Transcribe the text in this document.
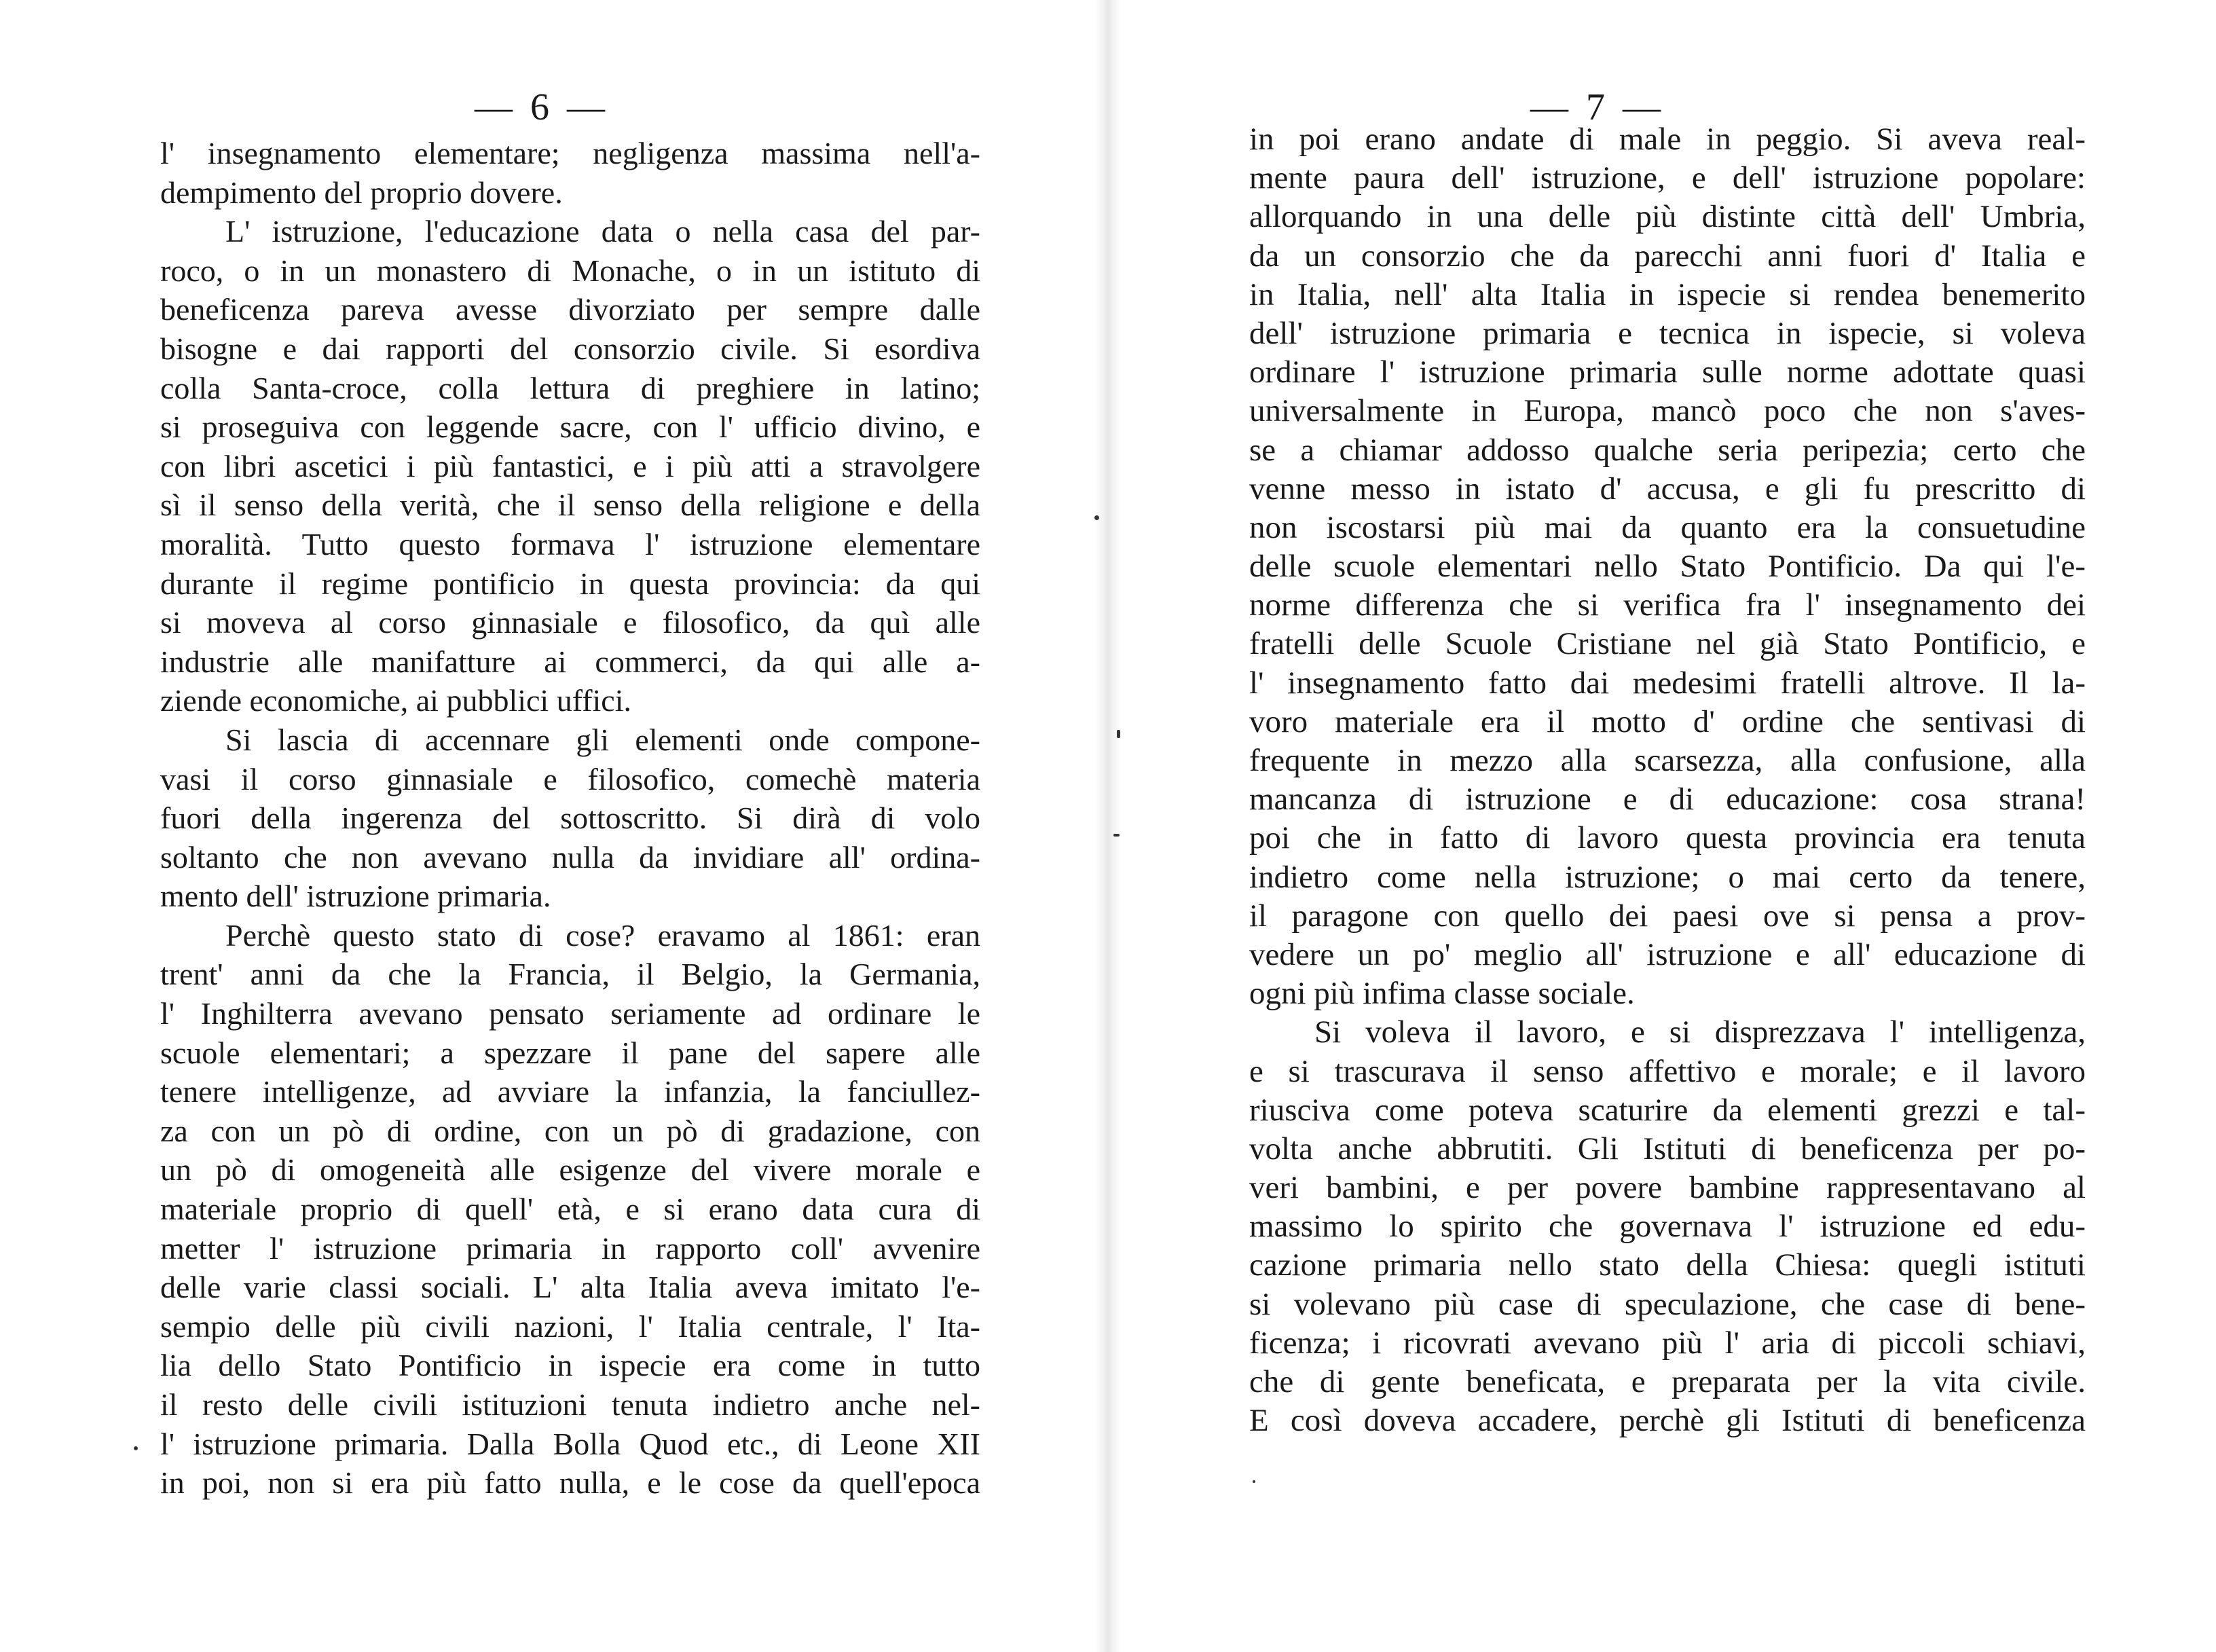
— 6 —
l' insegnamento elementare; negligenza massima nell'a-
dempimento del proprio dovere.
L' istruzione, l'educazione data o nella casa del par-
roco, o in un monastero di Monache, o in un istituto di
beneficenza pareva avesse divorziato per sempre dalle
bisogne e dai rapporti del consorzio civile. Si esordiva
colla Santa-croce, colla lettura di preghiere in latino;
si proseguiva con leggende sacre, con l' ufficio divino, e
con libri ascetici i più fantastici, e i più atti a stravolgere
sì il senso della verità, che il senso della religione e della
moralità. Tutto questo formava l' istruzione elementare
durante il regime pontificio in questa provincia: da qui
si moveva al corso ginnasiale e filosofico, da quì alle
industrie alle manifatture ai commerci, da qui alle a-
ziende economiche, ai pubblici uffici.
Si lascia di accennare gli elementi onde compone-
vasi il corso ginnasiale e filosofico, comechè materia
fuori della ingerenza del sottoscritto. Si dirà di volo
soltanto che non avevano nulla da invidiare all' ordina-
mento dell' istruzione primaria.
Perchè questo stato di cose? eravamo al 1861: eran
trent' anni da che la Francia, il Belgio, la Germania,
l' Inghilterra avevano pensato seriamente ad ordinare le
scuole elementari; a spezzare il pane del sapere alle
tenere intelligenze, ad avviare la infanzia, la fanciullez-
za con un pò di ordine, con un pò di gradazione, con
un pò di omogeneità alle esigenze del vivere morale e
materiale proprio di quell' età, e si erano data cura di
metter l' istruzione primaria in rapporto coll' avvenire
delle varie classi sociali. L' alta Italia aveva imitato l'e-
sempio delle più civili nazioni, l' Italia centrale, l' Ita-
lia dello Stato Pontificio in ispecie era come in tutto
il resto delle civili istituzioni tenuta indietro anche nel-
l' istruzione primaria. Dalla Bolla Quod etc., di Leone XII
in poi, non si era più fatto nulla, e le cose da quell'epoca
— 7 —
in poi erano andate di male in peggio. Si aveva real-
mente paura dell' istruzione, e dell' istruzione popolare:
allorquando in una delle più distinte città dell' Umbria,
da un consorzio che da parecchi anni fuori d' Italia e
in Italia, nell' alta Italia in ispecie si rendea benemerito
dell' istruzione primaria e tecnica in ispecie, si voleva
ordinare l' istruzione primaria sulle norme adottate quasi
universalmente in Europa, mancò poco che non s'aves-
se a chiamar addosso qualche seria peripezia; certo che
venne messo in istato d' accusa, e gli fu prescritto di
non iscostarsi più mai da quanto era la consuetudine
delle scuole elementari nello Stato Pontificio. Da qui l'e-
norme differenza che si verifica fra l' insegnamento dei
fratelli delle Scuole Cristiane nel già Stato Pontificio, e
l' insegnamento fatto dai medesimi fratelli altrove. Il la-
voro materiale era il motto d' ordine che sentivasi di
frequente in mezzo alla scarsezza, alla confusione, alla
mancanza di istruzione e di educazione: cosa strana!
poi che in fatto di lavoro questa provincia era tenuta
indietro come nella istruzione; o mai certo da tenere,
il paragone con quello dei paesi ove si pensa a prov-
vedere un po' meglio all' istruzione e all' educazione di
ogni più infima classe sociale.
Si voleva il lavoro, e si disprezzava l' intelligenza,
e si trascurava il senso affettivo e morale; e il lavoro
riusciva come poteva scaturire da elementi grezzi e tal-
volta anche abbrutiti. Gli Istituti di beneficenza per po-
veri bambini, e per povere bambine rappresentavano al
massimo lo spirito che governava l' istruzione ed edu-
cazione primaria nello stato della Chiesa: quegli istituti
si volevano più case di speculazione, che case di bene-
ficenza; i ricovrati avevano più l' aria di piccoli schiavi,
che di gente beneficata, e preparata per la vita civile.
E così doveva accadere, perchè gli Istituti di beneficenza
